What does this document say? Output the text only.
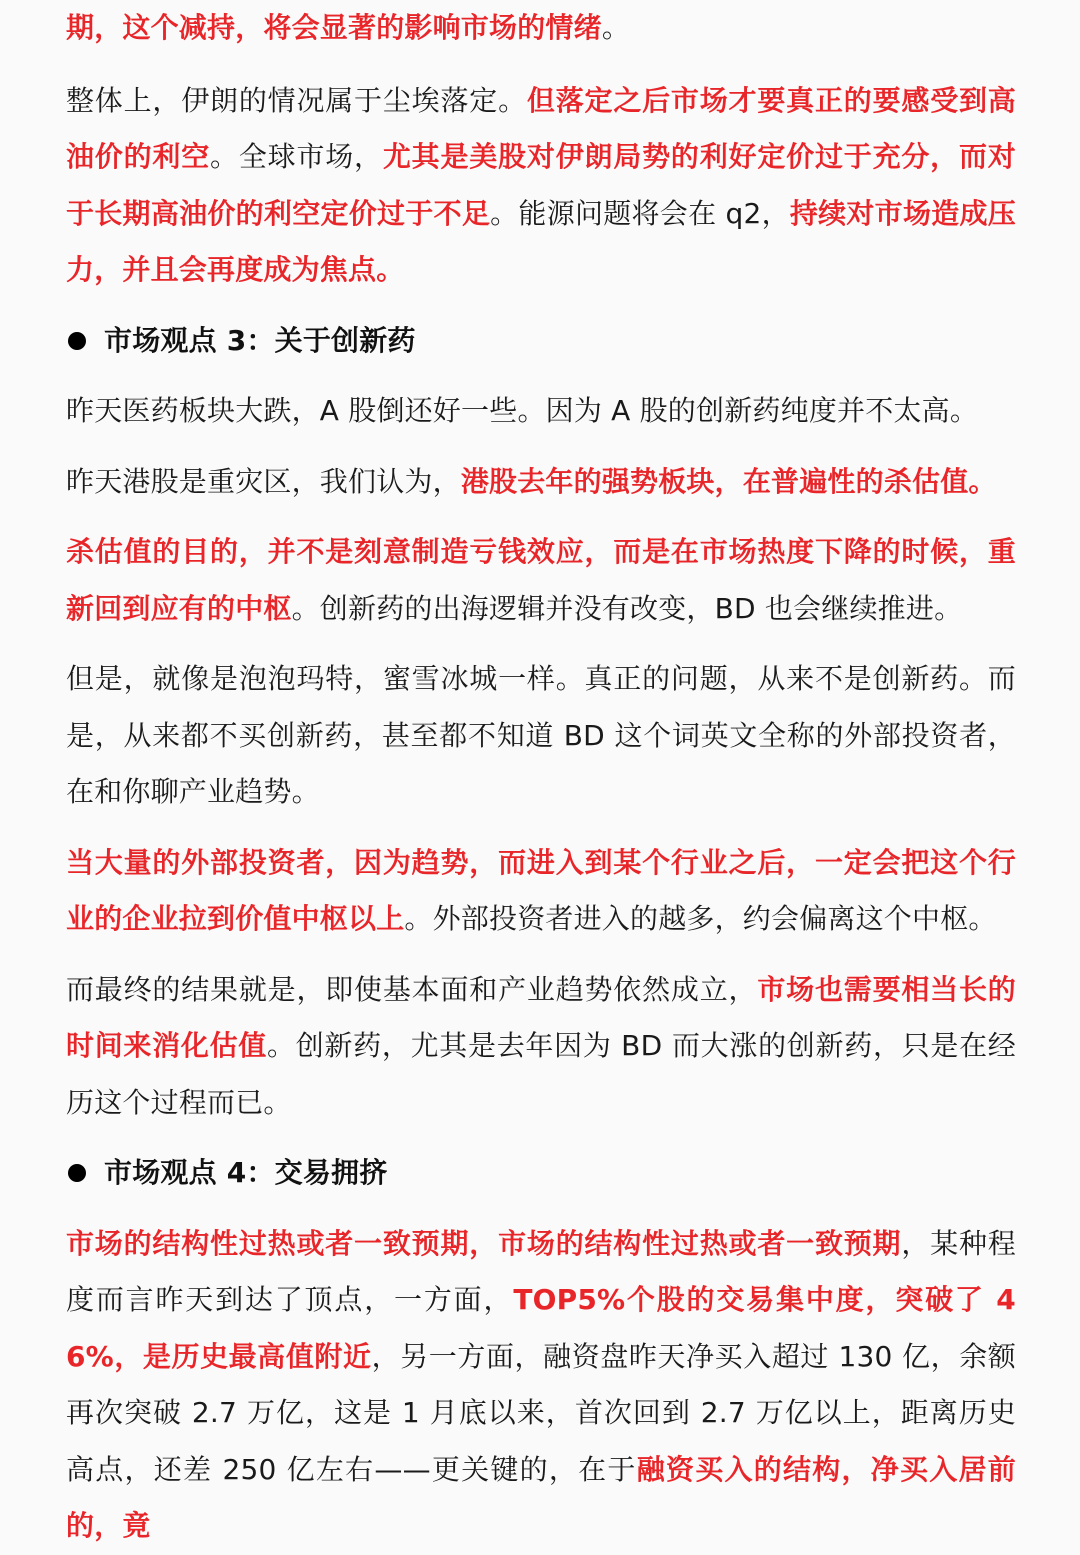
期，这个减持，将会显著的影响市场的情绪。

整体上，伊朗的情况属于尘埃落定。但落定之后市场才要真正的要感受到高油价的利空。全球市场，尤其是美股对伊朗局势的利好定价过于充分，而对于长期高油价的利空定价过于不足。能源问题将会在 q2，持续对市场造成压力，并且会再度成为焦点。

市场观点 3：关于创新药

昨天医药板块大跌，A 股倒还好一些。因为 A 股的创新药纯度并不太高。

昨天港股是重灾区，我们认为，港股去年的强势板块，在普遍性的杀估值。

杀估值的目的，并不是刻意制造亏钱效应，而是在市场热度下降的时候，重新回到应有的中枢。创新药的出海逻辑并没有改变，BD 也会继续推进。

但是，就像是泡泡玛特，蜜雪冰城一样。真正的问题，从来不是创新药。而是，从来都不买创新药，甚至都不知道 BD 这个词英文全称的外部投资者，在和你聊产业趋势。

当大量的外部投资者，因为趋势，而进入到某个行业之后，一定会把这个行业的企业拉到价值中枢以上。外部投资者进入的越多，约会偏离这个中枢。

而最终的结果就是，即使基本面和产业趋势依然成立，市场也需要相当长的时间来消化估值。创新药，尤其是去年因为 BD 而大涨的创新药，只是在经历这个过程而已。

市场观点 4：交易拥挤

市场的结构性过热或者一致预期，市场的结构性过热或者一致预期，某种程度而言昨天到达了顶点，一方面，TOP5%个股的交易集中度，突破了 46%，是历史最高值附近，另一方面，融资盘昨天净买入超过 130 亿，余额再次突破 2.7 万亿，这是 1 月底以来，首次回到 2.7 万亿以上，距离历史高点，还差 250 亿左右——更关键的，在于融资买入的结构，净买入居前的，竟
